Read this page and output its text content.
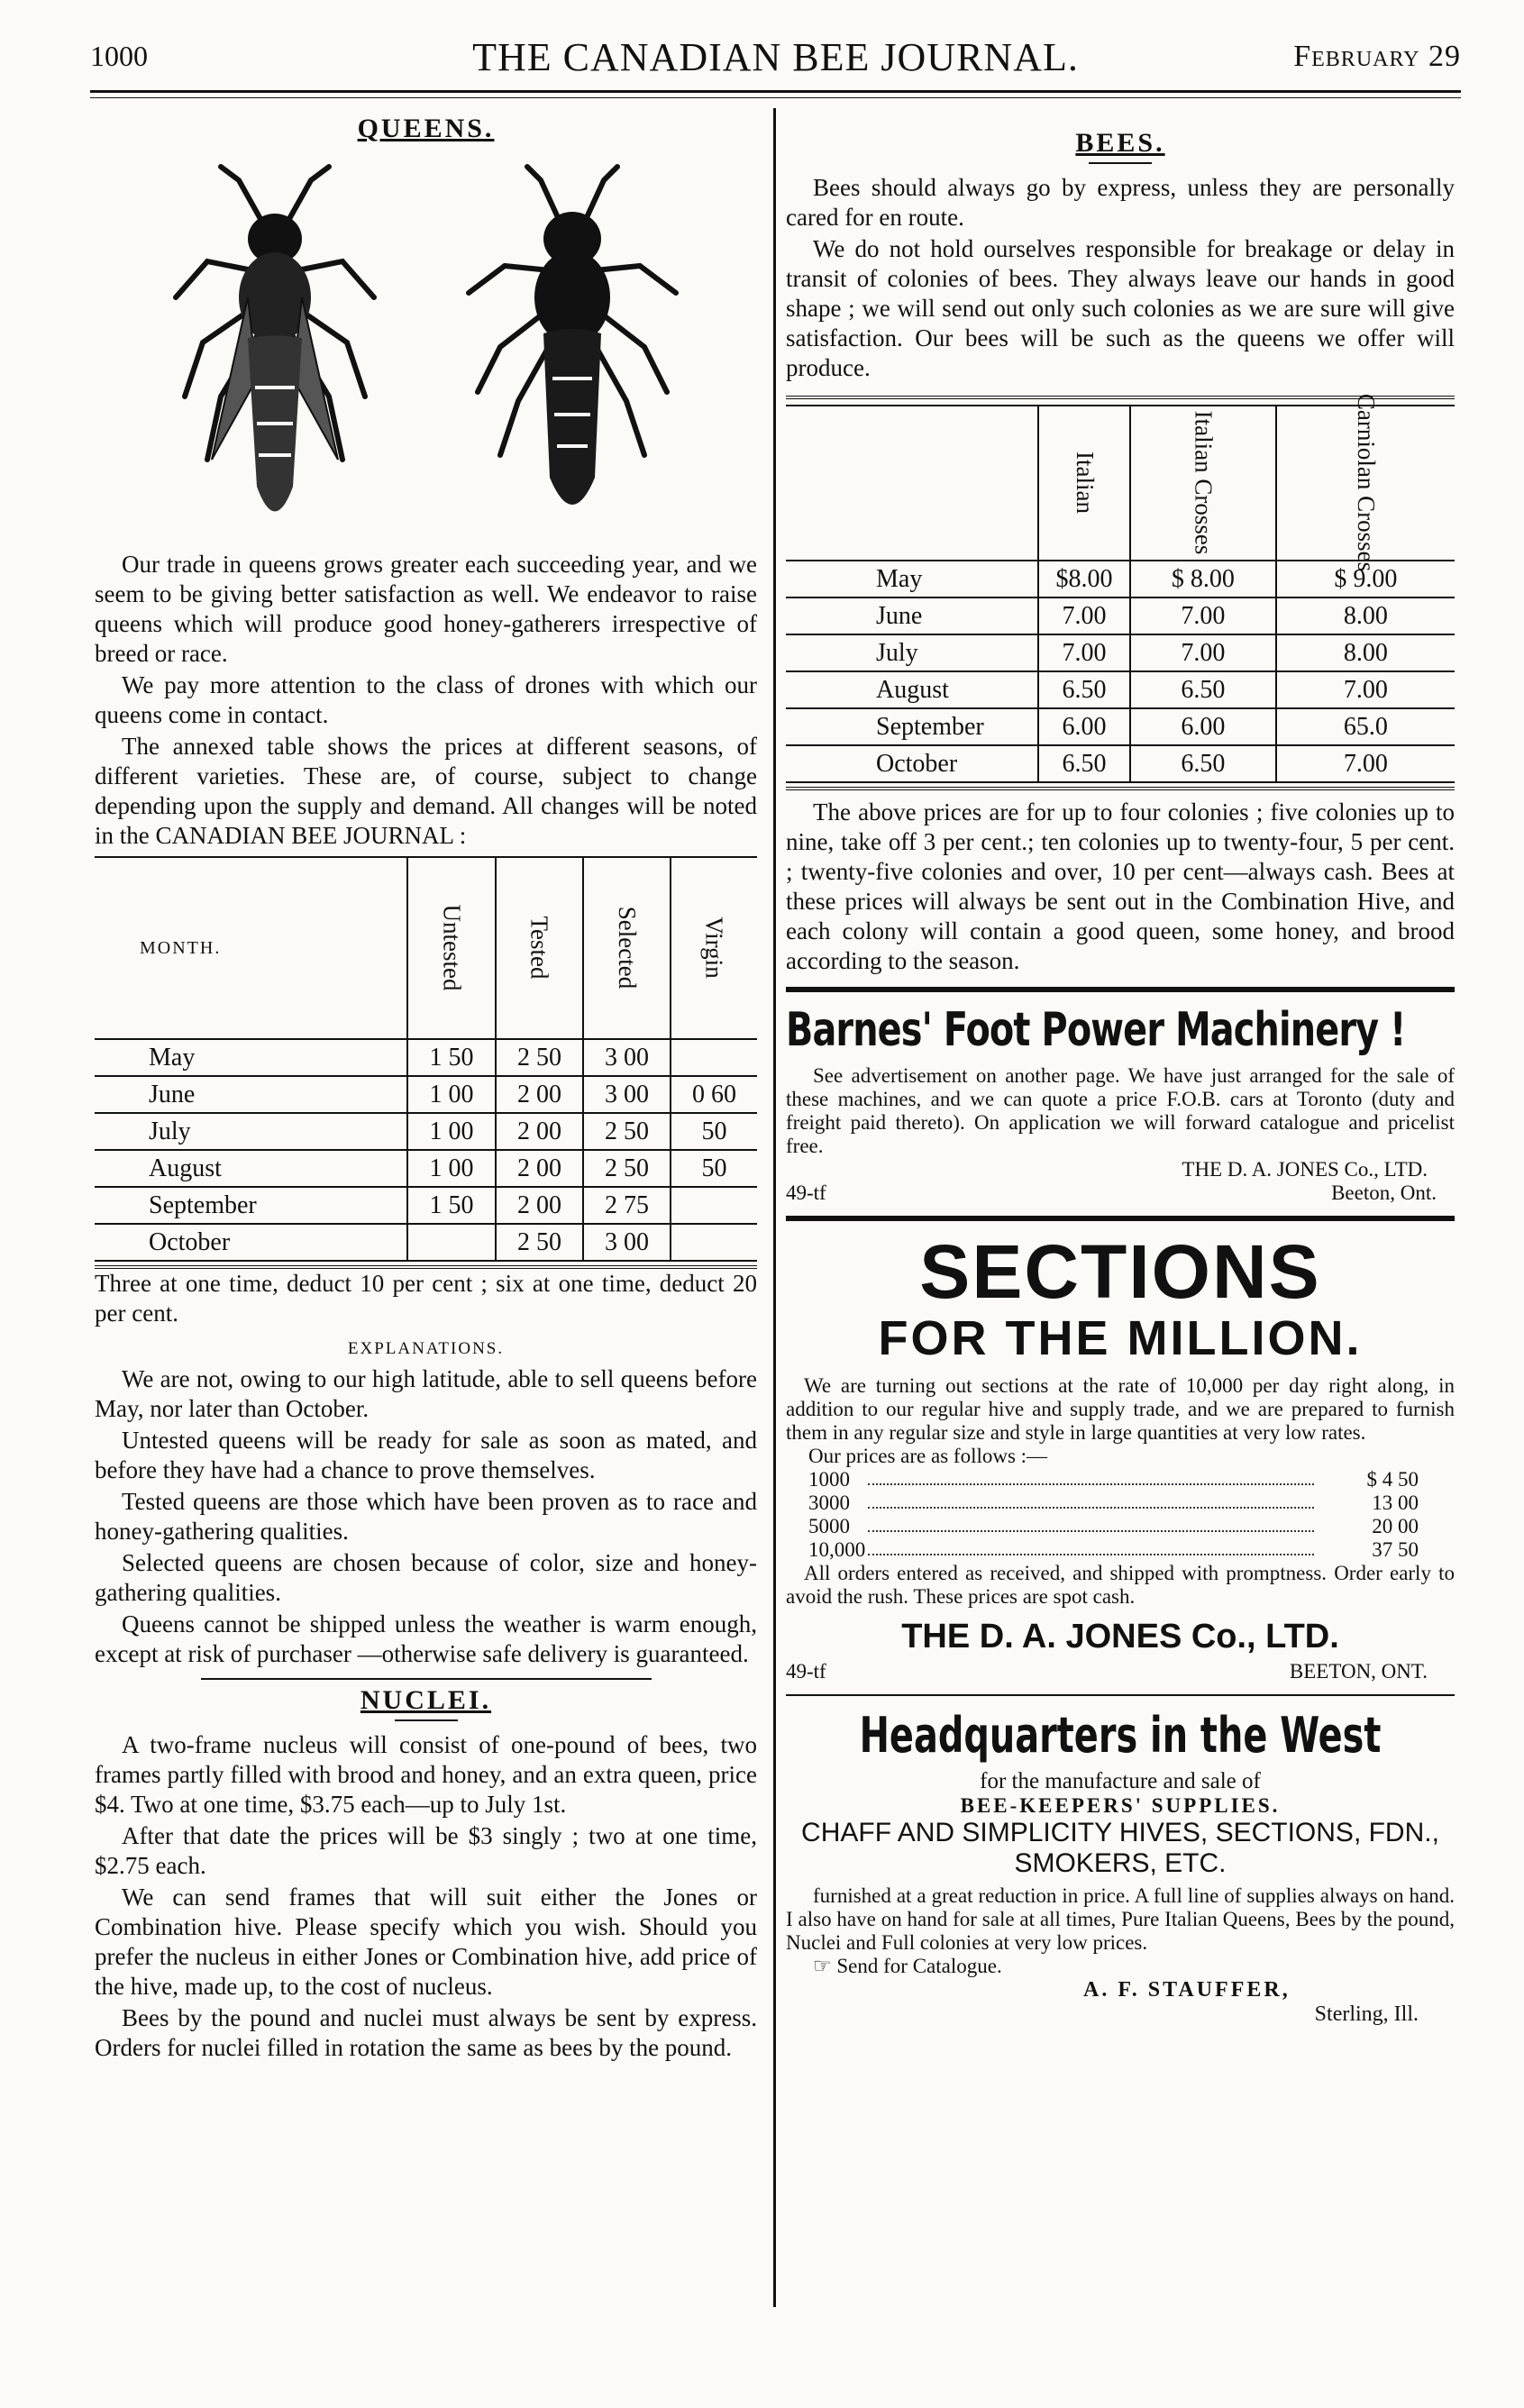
1000	THE CANADIAN BEE JOURNAL.	February 29
QUEENS.

Our trade in queens grows greater each succeeding year, and we seem to be giving better satisfaction as well. We endeavor to raise queens which will produce good honey-gatherers irrespective of breed or race.

We pay more attention to the class of drones with which our queens come in contact.

The annexed table shows the prices at different seasons, of different varieties. These are, of course, subject to change depending upon the supply and demand. All changes will be noted in the CANADIAN BEE JOURNAL :

MONTH.	Untested	Tested	Selected	Virgin
May	1 50	2 50	3 00	
June	1 00	2 00	3 00	0 60
July	1 00	2 00	2 50	50
August	1 00	2 00	2 50	50
September	1 50	2 00	2 75	
October		2 50	3 00	

Three at one time, deduct 10 per cent ; six at one time, deduct 20 per cent.

EXPLANATIONS.

We are not, owing to our high latitude, able to sell queens before May, nor later than October.

Untested queens will be ready for sale as soon as mated, and before they have had a chance to prove themselves.

Tested queens are those which have been proven as to race and honey-gathering qualities.

Selected queens are chosen because of color, size and honey-gathering qualities.

Queens cannot be shipped unless the weather is warm enough, except at risk of purchaser —otherwise safe delivery is guaranteed.

NUCLEI.

A two-frame nucleus will consist of one-pound of bees, two frames partly filled with brood and honey, and an extra queen, price $4. Two at one time, $3.75 each—up to July 1st.

After that date the prices will be $3 singly ; two at one time, $2.75 each.

We can send frames that will suit either the Jones or Combination hive. Please specify which you wish. Should you prefer the nucleus in either Jones or Combination hive, add price of the hive, made up, to the cost of nucleus.

Bees by the pound and nuclei must always be sent by express. Orders for nuclei filled in rotation the same as bees by the pound.

BEES.

Bees should always go by express, unless they are personally cared for en route.

We do not hold ourselves responsible for breakage or delay in transit of colonies of bees. They always leave our hands in good shape ; we will send out only such colonies as we are sure will give satisfaction. Our bees will be such as the queens we offer will produce.

	Italian	Italian Crosses	Carniolan Crosses
May	$8.00	$ 8.00	$ 9.00
June	7.00	7.00	8.00
July	7.00	7.00	8.00
August	6.50	6.50	7.00
September	6.00	6.00	65.0
October	6.50	6.50	7.00

The above prices are for up to four colonies ; five colonies up to nine, take off 3 per cent.; ten colonies up to twenty-four, 5 per cent. ; twenty-five colonies and over, 10 per cent—always cash. Bees at these prices will always be sent out in the Combination Hive, and each colony will contain a good queen, some honey, and brood according to the season.

Barnes' Foot Power Machinery !

See advertisement on another page. We have just arranged for the sale of these machines, and we can quote a price F.O.B. cars at Toronto (duty and freight paid thereto). On application we will forward catalogue and pricelist free.

THE D. A. JONES Co., LTD.
49-tf	Beeton, Ont.
SECTIONS
FOR THE MILLION.

We are turning out sections at the rate of 10,000 per day right along, in addition to our regular hive and supply trade, and we are prepared to furnish them in any regular size and style in large quantities at very low rates.

Our prices are as follows :—
1000	$ 4 50
3000	13 00
5000	20 00
10,000	37 50

All orders entered as received, and shipped with promptness. Order early to avoid the rush. These prices are spot cash.

THE D. A. JONES Co., LTD.
49-tf	BEETON, ONT.
Headquarters in the West
for the manufacture and sale of
BEE-KEEPERS' SUPPLIES.
CHAFF AND SIMPLICITY HIVES, SECTIONS, FDN., SMOKERS, ETC.

furnished at a great reduction in price. A full line of supplies always on hand. I also have on hand for sale at all times, Pure Italian Queens, Bees by the pound, Nuclei and Full colonies at very low prices.

☞ Send for Catalogue.
A. F. STAUFFER,
Sterling, Ill.
